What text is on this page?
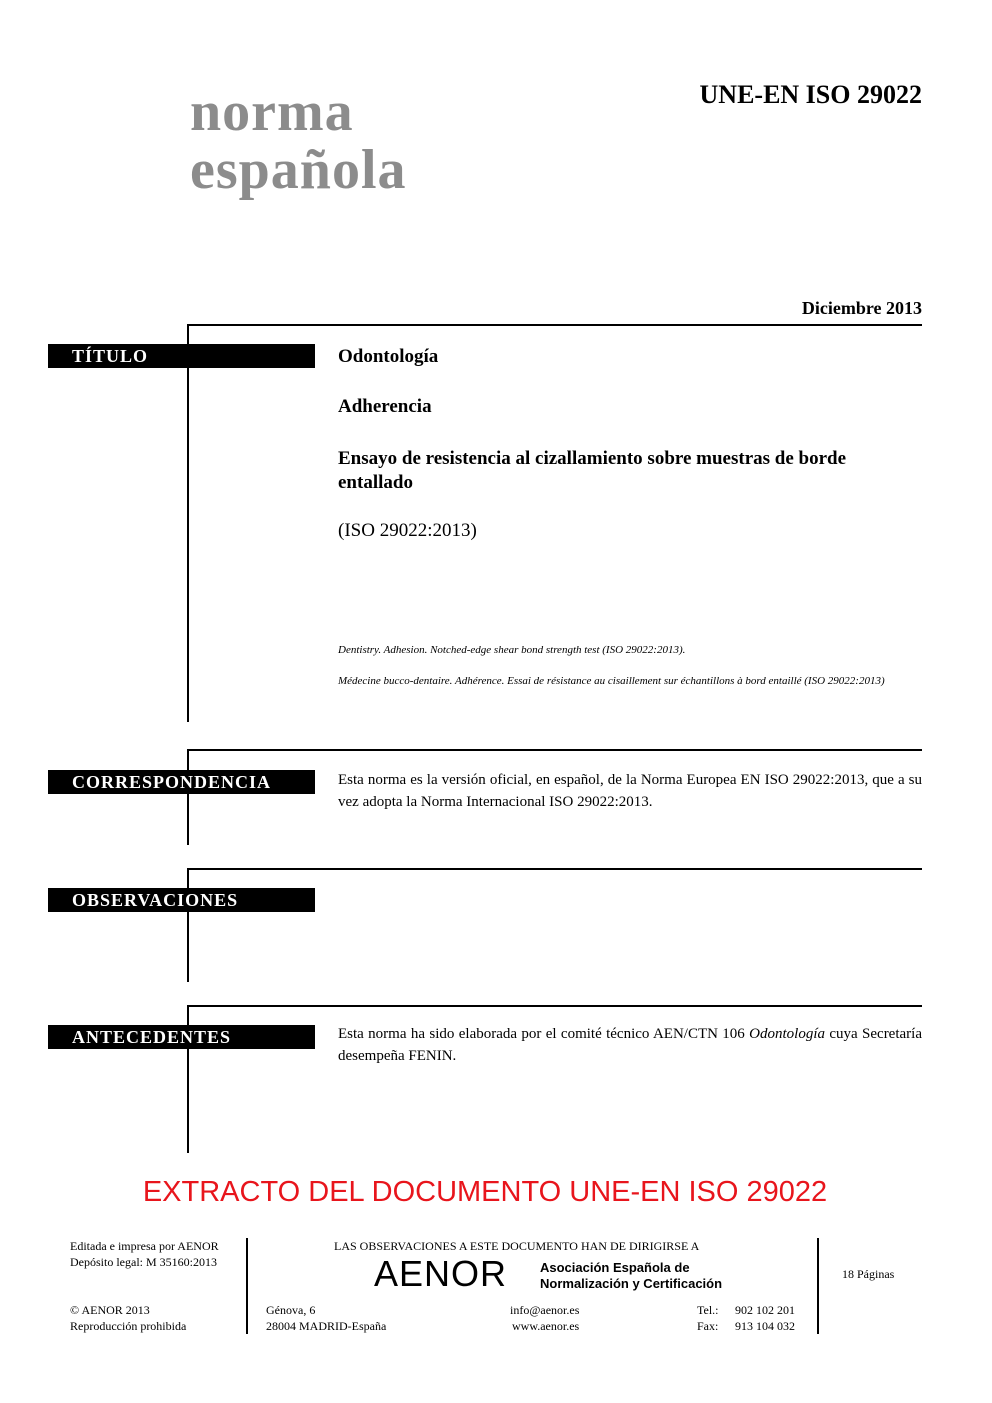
norma
española
UNE-EN ISO 29022
Diciembre 2013
TÍTULO	Odontología
Adherencia
Ensayo de resistencia al cizallamiento sobre muestras de borde entallado
(ISO 29022:2013)
Dentistry. Adhesion. Notched-edge shear bond strength test (ISO 29022:2013).
Médecine bucco-dentaire. Adhérence. Essai de résistance au cisaillement sur échantillons à bord entaillé (ISO 29022:2013)
CORRESPONDENCIA	Esta norma es la versión oficial, en español, de la Norma Europea EN ISO 29022:2013, que a su vez adopta la Norma Internacional ISO 29022:2013.
OBSERVACIONES
ANTECEDENTES	Esta norma ha sido elaborada por el comité técnico AEN/CTN 106 Odontología cuya Secretaría desempeña FENIN.
EXTRACTO DEL DOCUMENTO UNE-EN ISO 29022
Editada e impresa por AENOR
Depósito legal: M 35160:2013
© AENOR 2013
Reproducción prohibida
LAS OBSERVACIONES A ESTE DOCUMENTO HAN DE DIRIGIRSE A
AENOR	Asociación Española de
Normalización y Certificación
Génova, 6
28004 MADRID-España
info@aenor.es
www.aenor.es
Tel.: 902 102 201
Fax: 913 104 032
18 Páginas
